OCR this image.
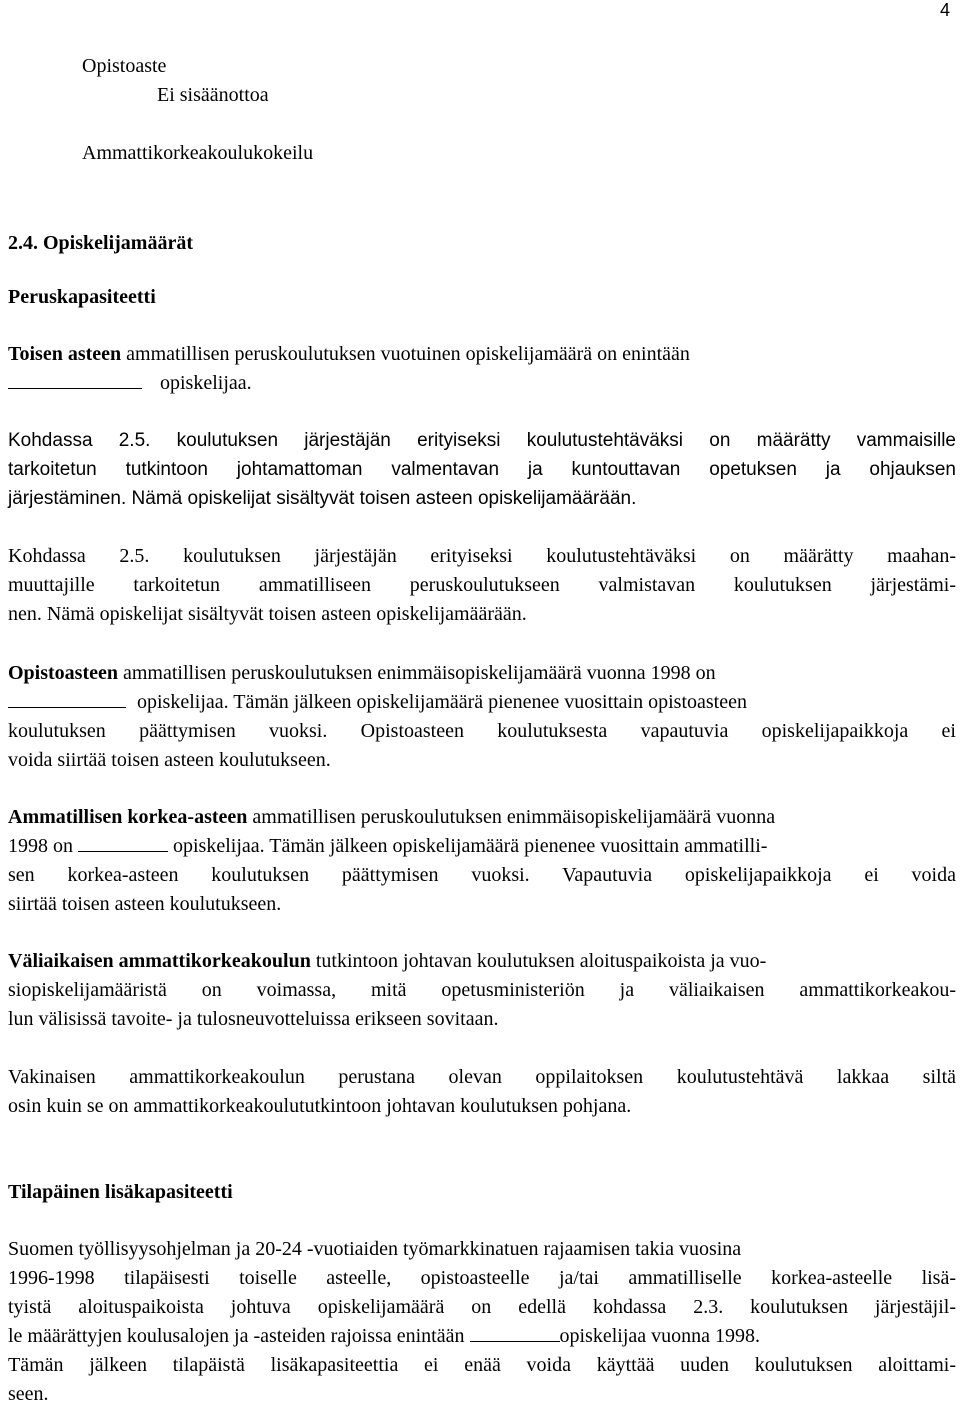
4
Opistoaste
Ei sisäänottoa
Ammattikorkeakoulukokeilu
2.4. Opiskelijamäärät
Peruskapasiteetti
Toisen asteen ammatillisen peruskoulutuksen vuotuinen opiskelijamäärä on enintään
opiskelijaa.
Kohdassa 2.5. koulutuksen järjestäjän erityiseksi koulutustehtäväksi on määrätty vammaisille
tarkoitetun tutkintoon johtamattoman valmentavan ja kuntouttavan opetuksen ja ohjauksen
järjestäminen. Nämä opiskelijat sisältyvät toisen asteen opiskelijamäärään.
Kohdassa 2.5. koulutuksen järjestäjän erityiseksi koulutustehtäväksi on määrätty maahan-
muuttajille tarkoitetun ammatilliseen peruskoulutukseen valmistavan koulutuksen järjestämi-
nen. Nämä opiskelijat sisältyvät toisen asteen opiskelijamäärään.
Opistoasteen ammatillisen peruskoulutuksen enimmäisopiskelijamäärä vuonna 1998 on
opiskelijaa. Tämän jälkeen opiskelijamäärä pienenee vuosittain opistoasteen
koulutuksen päättymisen vuoksi. Opistoasteen koulutuksesta vapautuvia opiskelijapaikkoja ei
voida siirtää toisen asteen koulutukseen.
Ammatillisen korkea-asteen ammatillisen peruskoulutuksen enimmäisopiskelijamäärä vuonna
1998 on	opiskelijaa. Tämän jälkeen opiskelijamäärä pienenee vuosittain ammatilli-
sen korkea-asteen koulutuksen päättymisen vuoksi. Vapautuvia opiskelijapaikkoja ei voida
siirtää toisen asteen koulutukseen.
Väliaikaisen ammattikorkeakoulun tutkintoon johtavan koulutuksen aloituspaikoista ja vuo-
siopiskelijamääristä on voimassa, mitä opetusministeriön ja väliaikaisen ammattikorkeakou-
lun välisissä tavoite- ja tulosneuvotteluissa erikseen sovitaan.
Vakinaisen ammattikorkeakoulun perustana olevan oppilaitoksen koulutustehtävä lakkaa siltä
osin kuin se on ammattikorkeakoulututkintoon johtavan koulutuksen pohjana.
Tilapäinen lisäkapasiteetti
Suomen työllisyysohjelman ja 20-24 -vuotiaiden työmarkkinatuen rajaamisen takia vuosina
1996-1998 tilapäisesti toiselle asteelle, opistoasteelle ja/tai ammatilliselle korkea-asteelle lisä-
tyistä aloituspaikoista johtuva opiskelijamäärä on edellä kohdassa 2.3. koulutuksen järjestäjil-
le määrättyjen koulusalojen ja -asteiden rajoissa enintään	opiskelijaa vuonna 1998.
Tämän jälkeen tilapäistä lisäkapasiteettia ei enää voida käyttää uuden koulutuksen aloittami-
seen.
